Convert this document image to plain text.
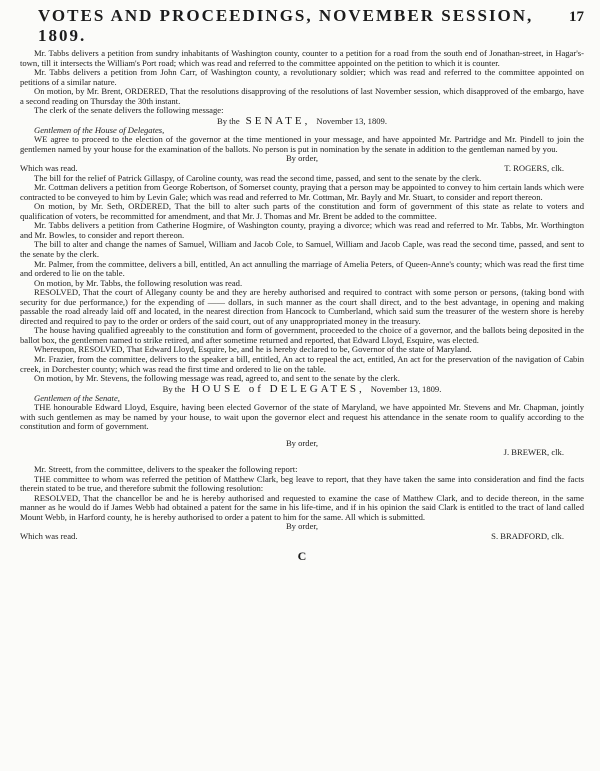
VOTES AND PROCEEDINGS, NOVEMBER SESSION, 1809.
17

Mr. Tabbs delivers a petition from sundry inhabitants of Washington county, counter to a petition for a road from the south end of Jonathan-street, in Hagar's-town, till it intersects the William's Port road; which was read and referred to the committee appointed on the petition to which it is counter.

Mr. Tabbs delivers a petition from John Carr, of Washington county, a revolutionary soldier; which was read and referred to the committee appointed on petitions of a similar nature.

On motion, by Mr. Brent, ORDERED, That the resolutions disapproving of the resolutions of last November session, which disapproved of the embargo, have a second reading on Thursday the 30th instant.

The clerk of the senate delivers the following message:

By the SENATE, November 13, 1809.

Gentlemen of the House of Delegates,

WE agree to proceed to the election of the governor at the time mentioned in your message, and have appointed Mr. Partridge and Mr. Pindell to join the gentlemen named by your house for the examination of the ballots. No person is put in nomination by the senate in addition to the gentleman named by you.

By order,

Which was read.	T. ROGERS, clk.

The bill for the relief of Patrick Gillaspy, of Caroline county, was read the second time, passed, and sent to the senate by the clerk.

Mr. Cottman delivers a petition from George Robertson, of Somerset county, praying that a person may be appointed to convey to him certain lands which were contracted to be conveyed to him by Levin Gale; which was read and referred to Mr. Cottman, Mr. Bayly and Mr. Stuart, to consider and report thereon.

On motion, by Mr. Seth, ORDERED, That the bill to alter such parts of the constitution and form of government of this state as relate to voters and qualification of voters, be recommitted for amendment, and that Mr. J. Thomas and Mr. Brent be added to the committee.

Mr. Tabbs delivers a petition from Catherine Hogmire, of Washington county, praying a divorce; which was read and referred to Mr. Tabbs, Mr. Worthington and Mr. Bowles, to consider and report thereon.

The bill to alter and change the names of Samuel, William and Jacob Cole, to Samuel, William and Jacob Caple, was read the second time, passed, and sent to the senate by the clerk.

Mr. Palmer, from the committee, delivers a bill, entitled, An act annulling the marriage of Amelia Peters, of Queen-Anne's county; which was read the first time and ordered to lie on the table.

On motion, by Mr. Tabbs, the following resolution was read.

RESOLVED, That the court of Allegany county be and they are hereby authorised and required to contract with some person or persons, (taking bond with security for due performance,) for the expending of —— dollars, in such manner as the court shall direct, and to the best advantage, in opening and making passable the road already laid off and located, in the nearest direction from Hancock to Cumberland, which said sum the treasurer of the western shore is hereby directed and required to pay to the order or orders of the said court, out of any unappropriated money in the treasury.

The house having qualified agreeably to the constitution and form of government, proceeded to the choice of a governor, and the ballots being deposited in the ballot box, the gentlemen named to strike retired, and after sometime returned and reported, that Edward Lloyd, Esquire, was elected.

Whereupon, RESOLVED, That Edward Lloyd, Esquire, be, and he is hereby declared to be, Governor of the state of Maryland.

Mr. Frazier, from the committee, delivers to the speaker a bill, entitled, An act to repeal the act, entitled, An act for the preservation of the navigation of Cabin creek, in Dorchester county; which was read the first time and ordered to lie on the table.

On motion, by Mr. Stevens, the following message was read, agreed to, and sent to the senate by the clerk.

By the HOUSE of DELEGATES, November 13, 1809.

Gentlemen of the Senate,

THE honourable Edward Lloyd, Esquire, having been elected Governor of the state of Maryland, we have appointed Mr. Stevens and Mr. Chapman, jointly with such gentlemen as may be named by your house, to wait upon the governor elect and request his attendance in the senate room to qualify according to the constitution and form of government.

By order,

J. BREWER, clk.

Mr. Streett, from the committee, delivers to the speaker the following report:

THE committee to whom was referred the petition of Matthew Clark, beg leave to report, that they have taken the same into consideration and find the facts therein stated to be true, and therefore submit the following resolution:

RESOLVED, That the chancellor be and he is hereby authorised and requested to examine the case of Matthew Clark, and to decide thereon, in the same manner as he would do if James Webb had obtained a patent for the same in his life-time, and if in his opinion the said Clark is entitled to the tract of land called Mount Webb, in Harford county, he is hereby authorised to order a patent to him for the same. All which is submitted.

By order,

Which was read.	S. BRADFORD, clk.
C
